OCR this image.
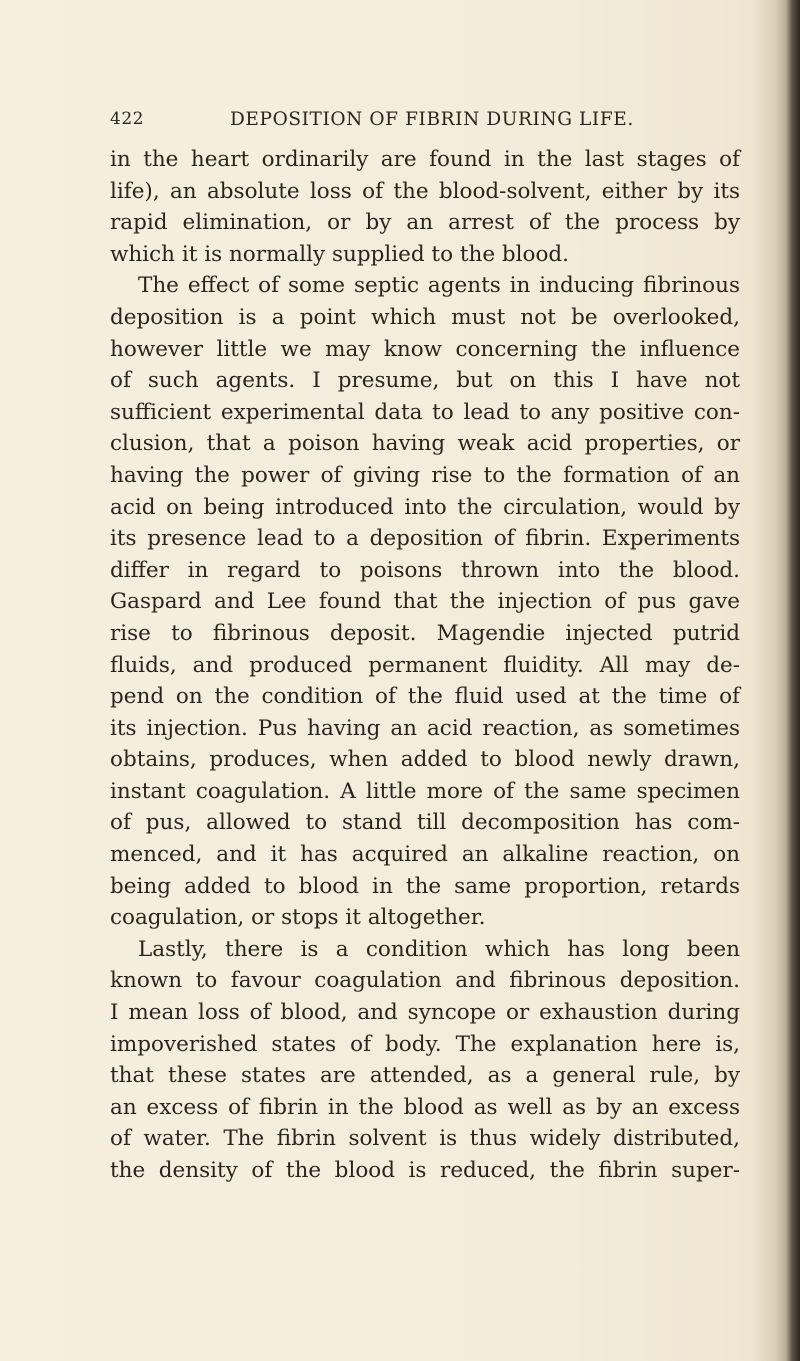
422	DEPOSITION OF FIBRIN DURING LIFE.
in the heart ordinarily are found in the last stages of
life), an absolute loss of the blood-solvent, either by its
rapid elimination, or by an arrest of the process by
which it is normally supplied to the blood.
The effect of some septic agents in inducing fibrinous
deposition is a point which must not be overlooked,
however little we may know concerning the influence
of such agents. I presume, but on this I have not
sufficient experimental data to lead to any positive con-
clusion, that a poison having weak acid properties, or
having the power of giving rise to the formation of an
acid on being introduced into the circulation, would by
its presence lead to a deposition of fibrin. Experiments
differ in regard to poisons thrown into the blood.
Gaspard and Lee found that the injection of pus gave
rise to fibrinous deposit. Magendie injected putrid
fluids, and produced permanent fluidity. All may de-
pend on the condition of the fluid used at the time of
its injection. Pus having an acid reaction, as sometimes
obtains, produces, when added to blood newly drawn,
instant coagulation. A little more of the same specimen
of pus, allowed to stand till decomposition has com-
menced, and it has acquired an alkaline reaction, on
being added to blood in the same proportion, retards
coagulation, or stops it altogether.
Lastly, there is a condition which has long been
known to favour coagulation and fibrinous deposition.
I mean loss of blood, and syncope or exhaustion during
impoverished states of body. The explanation here is,
that these states are attended, as a general rule, by
an excess of fibrin in the blood as well as by an excess
of water. The fibrin solvent is thus widely distributed,
the density of the blood is reduced, the fibrin super-
